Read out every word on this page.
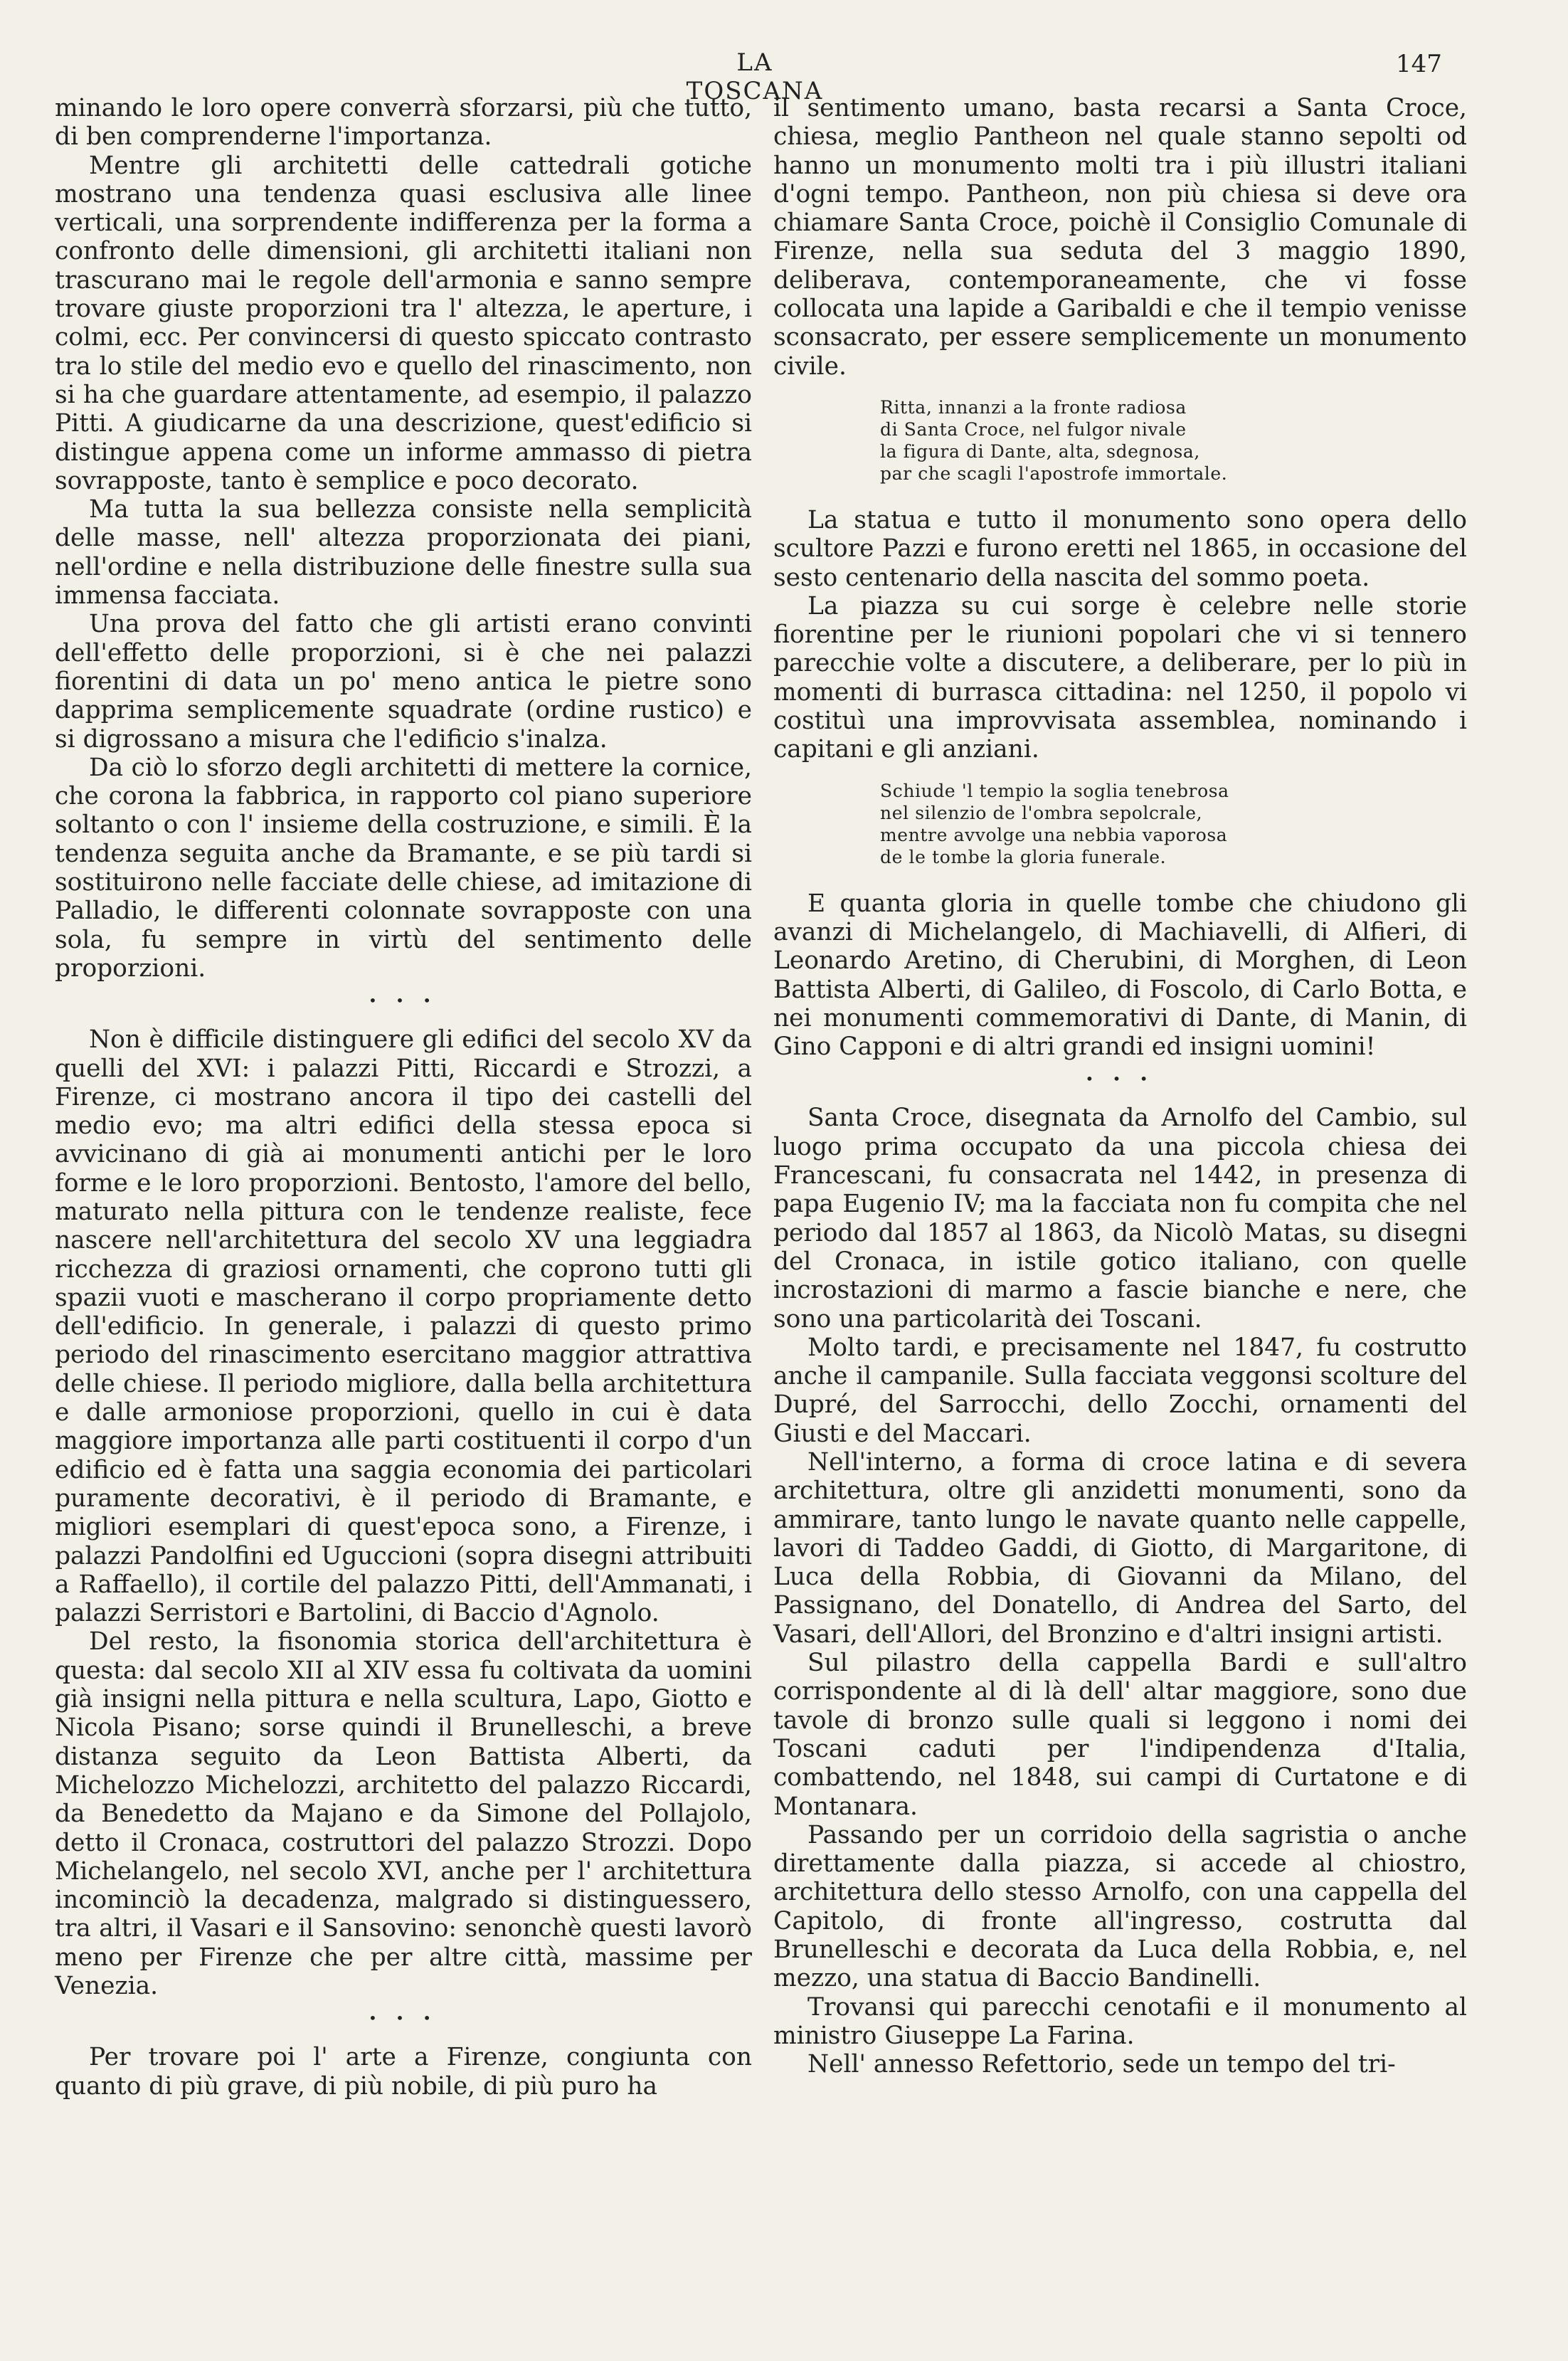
LA TOSCANA
147

minando le loro opere converrà sforzarsi, più che tutto, di ben comprenderne l'importanza.

Mentre gli architetti delle cattedrali gotiche mostrano una tendenza quasi esclusiva alle linee verticali, una sorprendente indifferenza per la forma a confronto delle dimensioni, gli architetti italiani non trascurano mai le regole dell'armonia e sanno sempre trovare giuste proporzioni tra l' altezza, le aperture, i colmi, ecc. Per convincersi di questo spiccato contrasto tra lo stile del medio evo e quello del rinascimento, non si ha che guardare attentamente, ad esempio, il palazzo Pitti. A giudicarne da una descrizione, quest'edificio si distingue appena come un informe ammasso di pietra sovrapposte, tanto è semplice e poco decorato.

Ma tutta la sua bellezza consiste nella semplicità delle masse, nell' altezza proporzionata dei piani, nell'ordine e nella distribuzione delle finestre sulla sua immensa facciata.

Una prova del fatto che gli artisti erano convinti dell'effetto delle proporzioni, si è che nei palazzi fiorentini di data un po' meno antica le pietre sono dapprima semplicemente squadrate (ordine rustico) e si digrossano a misura che l'edificio s'inalza.

Da ciò lo sforzo degli architetti di mettere la cornice, che corona la fabbrica, in rapporto col piano superiore soltanto o con l' insieme della costruzione, e simili. È la tendenza seguita anche da Bramante, e se più tardi si sostituirono nelle facciate delle chiese, ad imitazione di Palladio, le differenti colonnate sovrapposte con una sola, fu sempre in virtù del sentimento delle proporzioni.

• • •

Non è difficile distinguere gli edifici del secolo XV da quelli del XVI: i palazzi Pitti, Riccardi e Strozzi, a Firenze, ci mostrano ancora il tipo dei castelli del medio evo; ma altri edifici della stessa epoca si avvicinano di già ai monumenti antichi per le loro forme e le loro proporzioni. Bentosto, l'amore del bello, maturato nella pittura con le tendenze realiste, fece nascere nell'architettura del secolo XV una leggiadra ricchezza di graziosi ornamenti, che coprono tutti gli spazii vuoti e mascherano il corpo propriamente detto dell'edificio. In generale, i palazzi di questo primo periodo del rinascimento esercitano maggior attrattiva delle chiese. Il periodo migliore, dalla bella architettura e dalle armoniose proporzioni, quello in cui è data maggiore importanza alle parti costituenti il corpo d'un edificio ed è fatta una saggia economia dei particolari puramente decorativi, è il periodo di Bramante, e migliori esemplari di quest'epoca sono, a Firenze, i palazzi Pandolfini ed Uguccioni (sopra disegni attribuiti a Raffaello), il cortile del palazzo Pitti, dell'Ammanati, i palazzi Serristori e Bartolini, di Baccio d'Agnolo.

Del resto, la fisonomia storica dell'architettura è questa: dal secolo XII al XIV essa fu coltivata da uomini già insigni nella pittura e nella scultura, Lapo, Giotto e Nicola Pisano; sorse quindi il Brunelleschi, a breve distanza seguito da Leon Battista Alberti, da Michelozzo Michelozzi, architetto del palazzo Riccardi, da Benedetto da Majano e da Simone del Pollajolo, detto il Cronaca, costruttori del palazzo Strozzi. Dopo Michelangelo, nel secolo XVI, anche per l' architettura incominciò la decadenza, malgrado si distinguessero, tra altri, il Vasari e il Sansovino: senonchè questi lavorò meno per Firenze che per altre città, massime per Venezia.

• • •

Per trovare poi l' arte a Firenze, congiunta con quanto di più grave, di più nobile, di più puro ha

il sentimento umano, basta recarsi a Santa Croce, chiesa, meglio Pantheon nel quale stanno sepolti od hanno un monumento molti tra i più illustri italiani d'ogni tempo. Pantheon, non più chiesa si deve ora chiamare Santa Croce, poichè il Consiglio Comunale di Firenze, nella sua seduta del 3 maggio 1890, deliberava, contemporaneamente, che vi fosse collocata una lapide a Garibaldi e che il tempio venisse sconsacrato, per essere semplicemente un monumento civile.

Ritta, innanzi a la fronte radiosa
di Santa Croce, nel fulgor nivale
la figura di Dante, alta, sdegnosa,
par che scagli l'apostrofe immortale.

La statua e tutto il monumento sono opera dello scultore Pazzi e furono eretti nel 1865, in occasione del sesto centenario della nascita del sommo poeta.

La piazza su cui sorge è celebre nelle storie fiorentine per le riunioni popolari che vi si tennero parecchie volte a discutere, a deliberare, per lo più in momenti di burrasca cittadina: nel 1250, il popolo vi costituì una improvvisata assemblea, nominando i capitani e gli anziani.

Schiude 'l tempio la soglia tenebrosa
nel silenzio de l'ombra sepolcrale,
mentre avvolge una nebbia vaporosa
de le tombe la gloria funerale.

E quanta gloria in quelle tombe che chiudono gli avanzi di Michelangelo, di Machiavelli, di Alfieri, di Leonardo Aretino, di Cherubini, di Morghen, di Leon Battista Alberti, di Galileo, di Foscolo, di Carlo Botta, e nei monumenti commemorativi di Dante, di Manin, di Gino Capponi e di altri grandi ed insigni uomini!

• • •

Santa Croce, disegnata da Arnolfo del Cambio, sul luogo prima occupato da una piccola chiesa dei Francescani, fu consacrata nel 1442, in presenza di papa Eugenio IV; ma la facciata non fu compita che nel periodo dal 1857 al 1863, da Nicolò Matas, su disegni del Cronaca, in istile gotico italiano, con quelle incrostazioni di marmo a fascie bianche e nere, che sono una particolarità dei Toscani.

Molto tardi, e precisamente nel 1847, fu costrutto anche il campanile. Sulla facciata veggonsi scolture del Dupré, del Sarrocchi, dello Zocchi, ornamenti del Giusti e del Maccari.

Nell'interno, a forma di croce latina e di severa architettura, oltre gli anzidetti monumenti, sono da ammirare, tanto lungo le navate quanto nelle cappelle, lavori di Taddeo Gaddi, di Giotto, di Margaritone, di Luca della Robbia, di Giovanni da Milano, del Passignano, del Donatello, di Andrea del Sarto, del Vasari, dell'Allori, del Bronzino e d'altri insigni artisti.

Sul pilastro della cappella Bardi e sull'altro corrispondente al di là dell' altar maggiore, sono due tavole di bronzo sulle quali si leggono i nomi dei Toscani caduti per l'indipendenza d'Italia, combattendo, nel 1848, sui campi di Curtatone e di Montanara.

Passando per un corridoio della sagristia o anche direttamente dalla piazza, si accede al chiostro, architettura dello stesso Arnolfo, con una cappella del Capitolo, di fronte all'ingresso, costrutta dal Brunelleschi e decorata da Luca della Robbia, e, nel mezzo, una statua di Baccio Bandinelli.

Trovansi qui parecchi cenotafii e il monumento al ministro Giuseppe La Farina.

Nell' annesso Refettorio, sede un tempo del tri-
